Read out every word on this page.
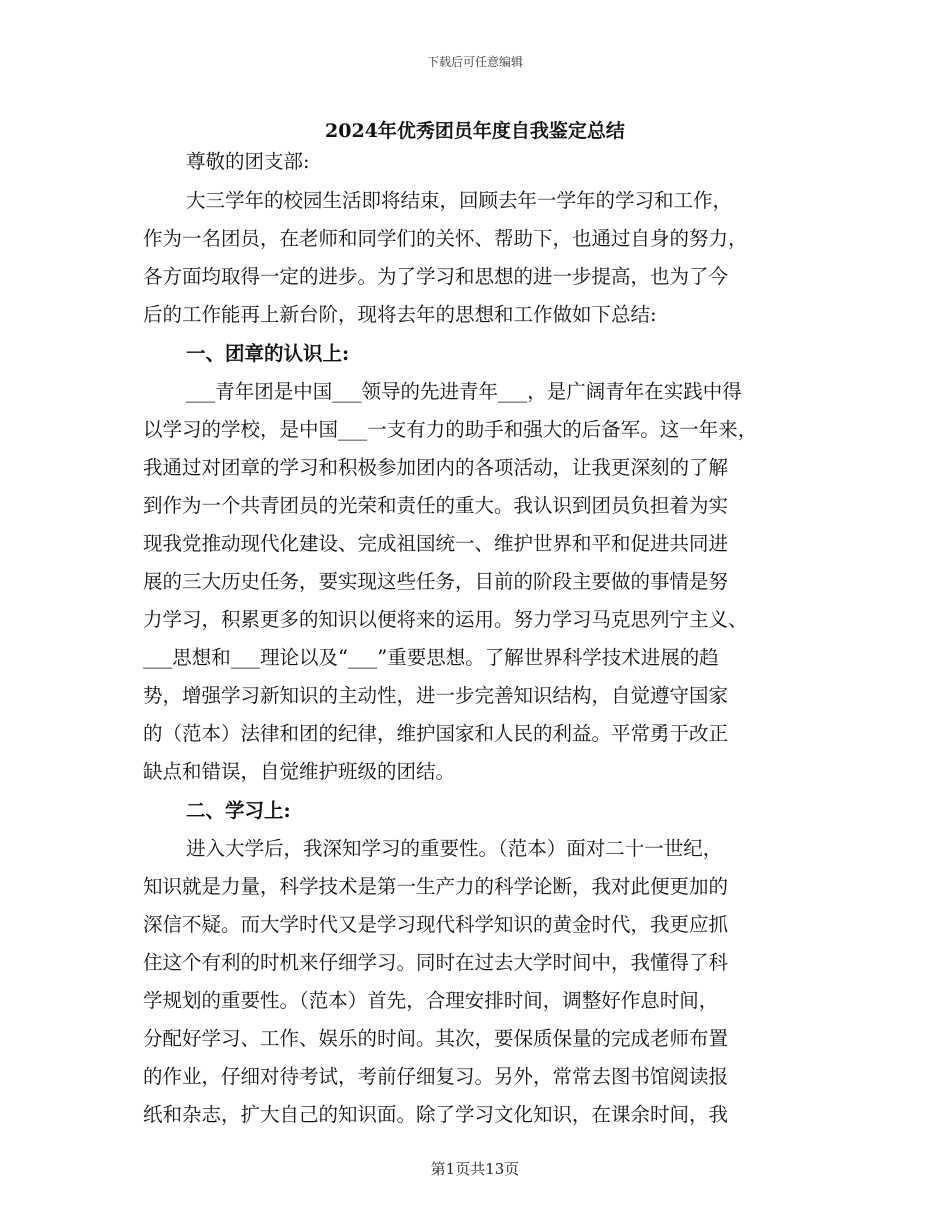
下载后可任意编辑
2024年优秀团员年度自我鉴定总结
尊敬的团支部:
大三学年的校园生活即将结束，回顾去年一学年的学习和工作，
作为一名团员，在老师和同学们的关怀、帮助下，也通过自身的努力，
各方面均取得一定的进步。为了学习和思想的进一步提高，也为了今
后的工作能再上新台阶，现将去年的思想和工作做如下总结:
一、团章的认识上:
___青年团是中国___领导的先进青年___，是广阔青年在实践中得
以学习的学校，是中国___一支有力的助手和强大的后备军。这一年来，
我通过对团章的学习和积极参加团内的各项活动，让我更深刻的了解
到作为一个共青团员的光荣和责任的重大。我认识到团员负担着为实
现我党推动现代化建设、完成祖国统一、维护世界和平和促进共同进
展的三大历史任务，要实现这些任务，目前的阶段主要做的事情是努
力学习，积累更多的知识以便将来的运用。努力学习马克思列宁主义、
___思想和___理论以及“___”重要思想。了解世界科学技术进展的趋
势，增强学习新知识的主动性，进一步完善知识结构，自觉遵守国家
的（范本）法律和团的纪律，维护国家和人民的利益。平常勇于改正
缺点和错误，自觉维护班级的团结。
二、学习上:
进入大学后，我深知学习的重要性。（范本）面对二十一世纪，
知识就是力量，科学技术是第一生产力的科学论断，我对此便更加的
深信不疑。而大学时代又是学习现代科学知识的黄金时代，我更应抓
住这个有利的时机来仔细学习。同时在过去大学时间中，我懂得了科
学规划的重要性。（范本）首先，合理安排时间，调整好作息时间，
分配好学习、工作、娱乐的时间。其次，要保质保量的完成老师布置
的作业，仔细对待考试，考前仔细复习。另外，常常去图书馆阅读报
纸和杂志，扩大自己的知识面。除了学习文化知识，在课余时间，我
第1页共13页
